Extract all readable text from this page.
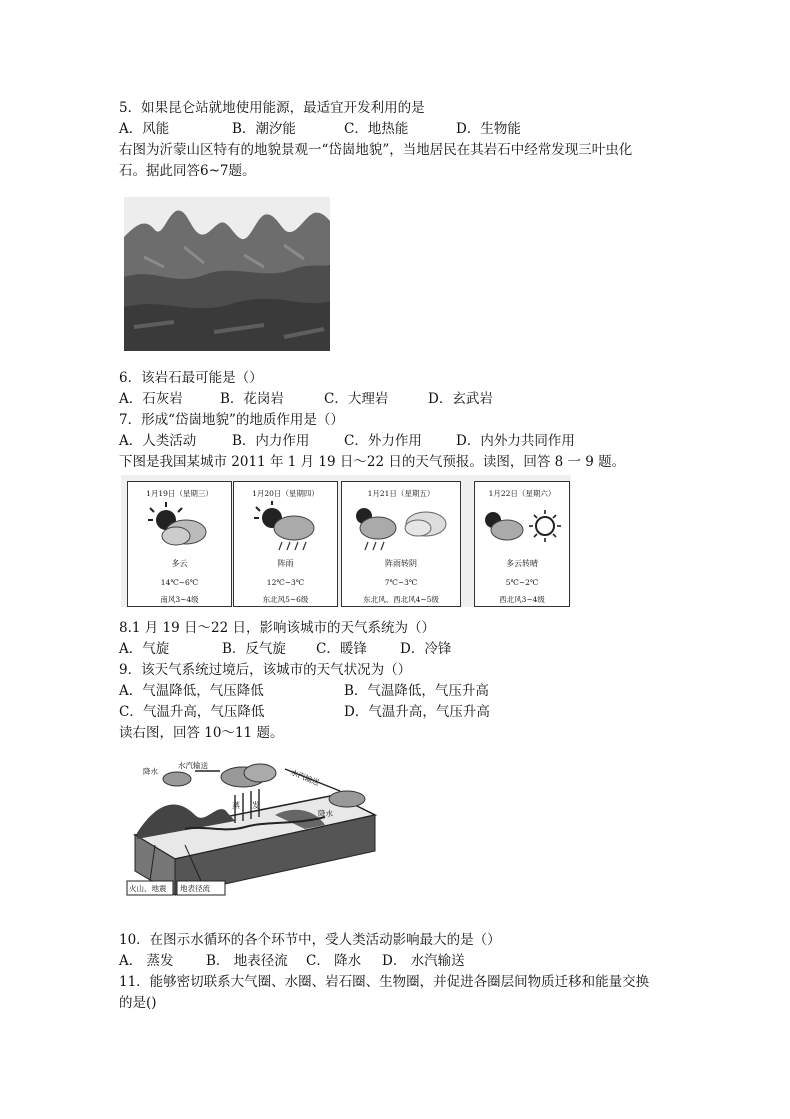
5．如果昆仑站就地使用能源，最适宜开发利用的是
A．风能	B．潮汐能	C．地热能	D．生物能
右图为沂蒙山区特有的地貌景观一“岱崮地貌”，当地居民在其岩石中经常发现三叶虫化
石。据此同答6~7题。
6．该岩石最可能是（）
A．石灰岩	B．花岗岩	C．大理岩	D．玄武岩
7．形成“岱崮地貌”的地质作用是（）
A．人类活动	B．内力作用	C．外力作用	D．内外力共同作用
下图是我国某城市 2011 年 1 月 19 日～22 日的天气预报。读图，回答 8 一 9 题。
1月19日（星期三）
多云
14℃~6℃
南风3~4级
1月20日（星期四）
阵雨
12℃~3℃
东北风5~6级
1月21日（星期五）
阵雨转阴
7℃~3℃
东北风、西北风4~5级
1月22日（星期六）
多云转晴
5℃~2℃
西北风3~4级
8.1 月 19 日～22 日，影响该城市的天气系统为（）
A．气旋	B．反气旋 C．暖锋 D．冷锋
9．该天气系统过境后，该城市的天气状况为（）
A．气温降低，气压降低	B．气温降低，气压升高
C．气温升高，气压降低	D．气温升高，气压升高
读右图，回答 10～11 题。
水汽输送
水汽输送
降水
降水
蒸 发
火山、地震 地表径流
10．在图示水循环的各个环节中，受人类活动影响最大的是（）
A． 蒸发 B． 地表径流 C． 降水 D． 水汽输送
11．能够密切联系大气圈、水圈、岩石圈、生物圈，并促进各圈层间物质迁移和能量交换
的是()
